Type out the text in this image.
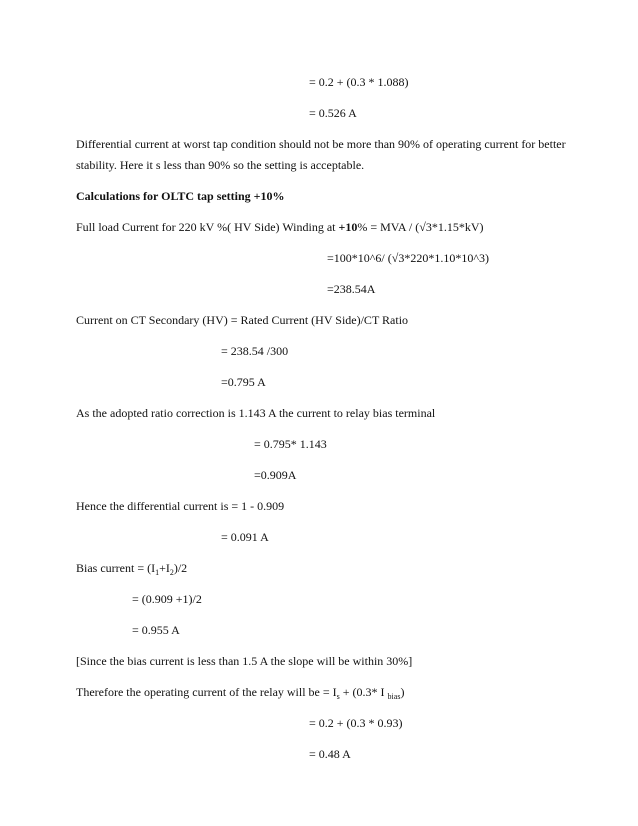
= 0.2 + (0.3 * 1.088)
= 0.526 A
Differential current at worst tap condition should not be more than 90% of operating current for better
stability. Here it s less than 90% so the setting is acceptable.
Calculations for OLTC tap setting +10%
Full load Current for 220 kV %( HV Side) Winding at +10% = MVA / (√3*1.15*kV)
=100*10^6/ (√3*220*1.10*10^3)
=238.54A
Current on CT Secondary (HV) = Rated Current (HV Side)/CT Ratio
= 238.54 /300
=0.795 A
As the adopted ratio correction is 1.143 A the current to relay bias terminal
= 0.795* 1.143
=0.909A
Hence the differential current is = 1 - 0.909
= 0.091 A
Bias current = $(I_1+I_2)/2$
= (0.909 +1)/2
= 0.955 A
[Since the bias current is less than 1.5 A the slope will be within 30%]
Therefore the operating current of the relay will be = $I_s + (0.3*$ I $_{bias}$)
= 0.2 + (0.3 * 0.93)
= 0.48 A
